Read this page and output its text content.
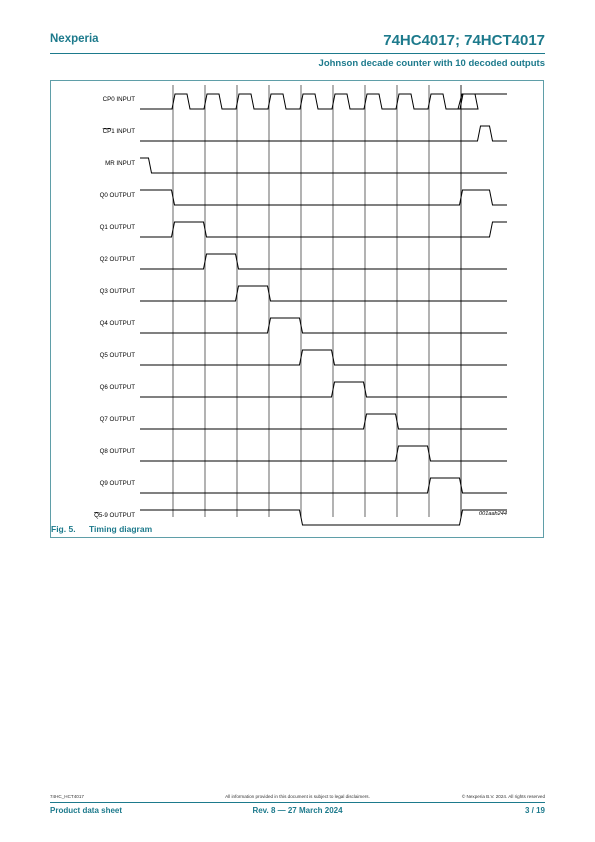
Nexperia	74HC4017; 74HCT4017
Johnson decade counter with 10 decoded outputs
CP0 INPUT
CP1 INPUT
MR INPUT
Q0 OUTPUT
Q1 OUTPUT
Q2 OUTPUT
Q3 OUTPUT
Q4 OUTPUT
Q5 OUTPUT
Q6 OUTPUT
Q7 OUTPUT
Q8 OUTPUT
Q9 OUTPUT
Q5-9 OUTPUT	001aah244
Fig. 5. Timing diagram
74HC_HCT4017	All information provided in this document is subject to legal disclaimers.	© Nexperia B.V. 2024. All rights reserved
Product data sheet	Rev. 8 — 27 March 2024	3 / 19
